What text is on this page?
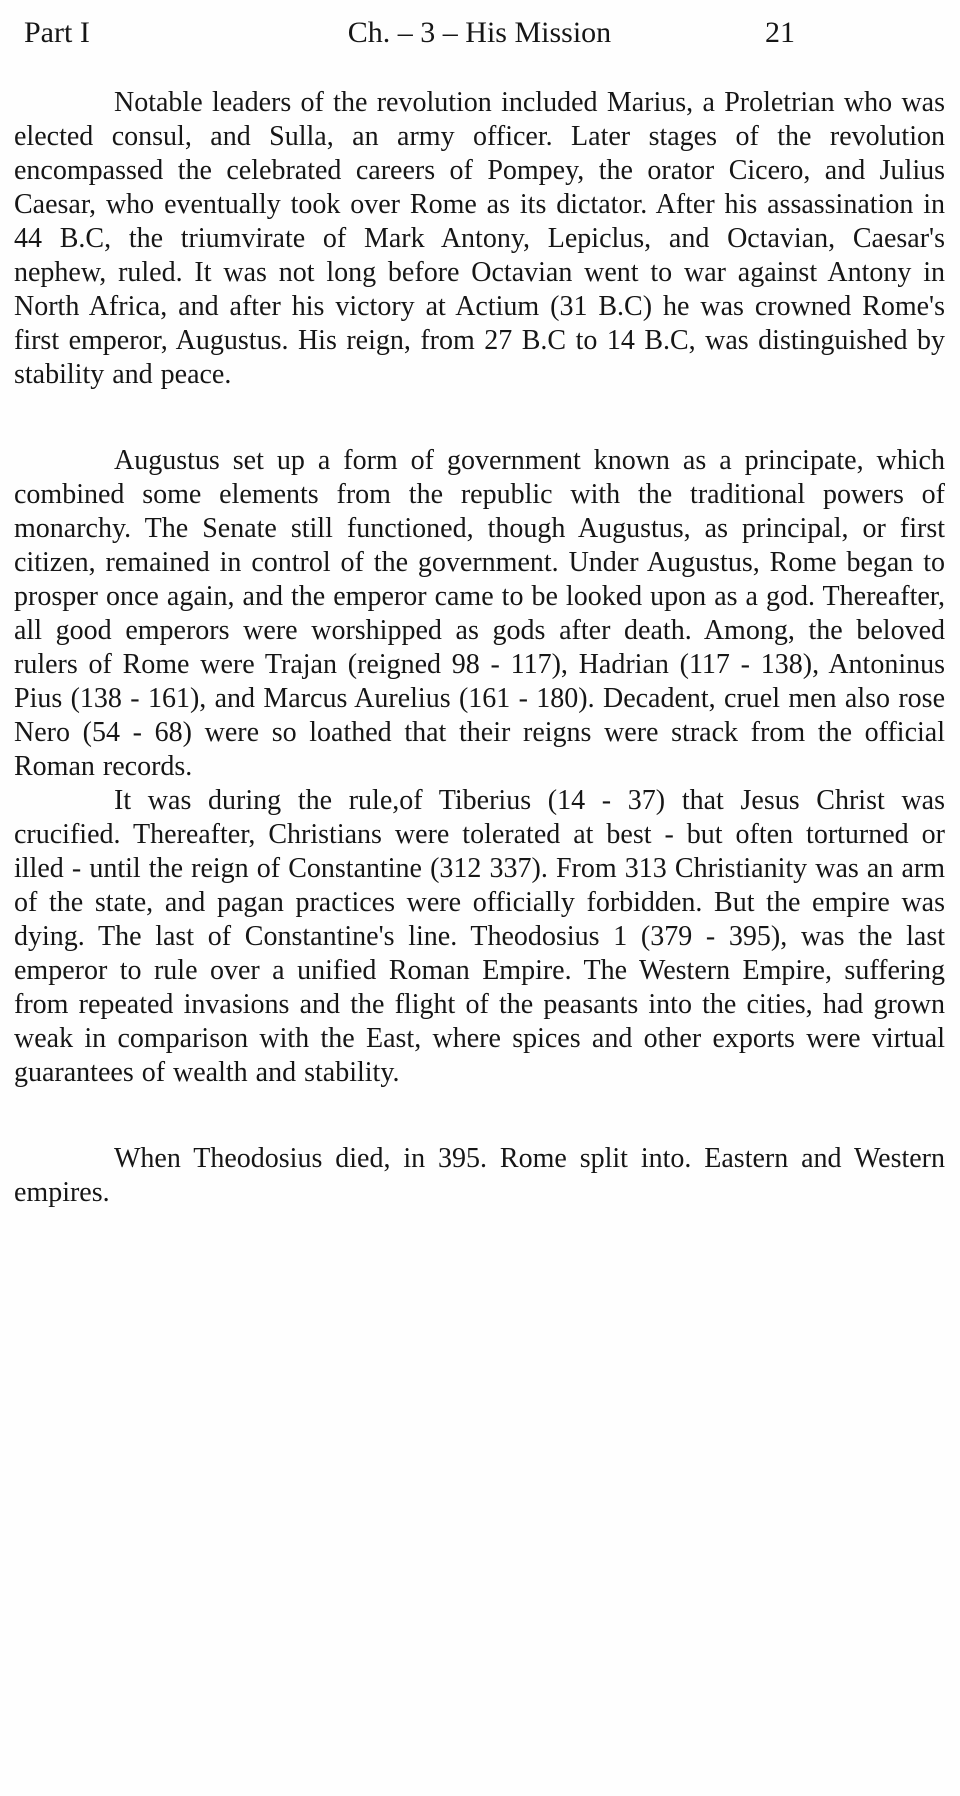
Part I	Ch. – 3 – His Mission	21

Notable leaders of the revolution included Marius, a Proletrian who was elected consul, and Sulla, an army officer. Later stages of the revolution encompassed the celebrated careers of Pompey, the orator Cicero, and Julius Caesar, who eventually took over Rome as its dictator. After his assassination in 44 B.C, the triumvirate of Mark Antony, Lepiclus, and Octavian, Caesar's nephew, ruled. It was not long before Octavian went to war against Antony in North Africa, and after his victory at Actium (31 B.C) he was crowned Rome's first emperor, Augustus. His reign, from 27 B.C to 14 B.C, was distinguished by stability and peace.

Augustus set up a form of government known as a principate, which combined some elements from the republic with the traditional powers of monarchy. The Senate still functioned, though Augustus, as principal, or first citizen, remained in control of the government. Under Augustus, Rome began to prosper once again, and the emperor came to be looked upon as a god. Thereafter, all good emperors were worshipped as gods after death. Among, the beloved rulers of Rome were Trajan (reigned 98 - 117), Hadrian (117 - 138), Antoninus Pius (138 - 161), and Marcus Aurelius (161 - 180). Decadent, cruel men also rose Nero (54 - 68) were so loathed that their reigns were strack from the official Roman records.

It was during the rule,of Tiberius (14 - 37) that Jesus Christ was crucified. Thereafter, Christians were tolerated at best - but often torturned or illed - until the reign of Constantine (312 337). From 313 Christianity was an arm of the state, and pagan practices were officially forbidden. But the empire was dying. The last of Constantine's line. Theodosius 1 (379 - 395), was the last emperor to rule over a unified Roman Empire. The Western Empire, suffering from repeated invasions and the flight of the peasants into the cities, had grown weak in comparison with the East, where spices and other exports were virtual guarantees of wealth and stability.

When Theodosius died, in 395. Rome split into. Eastern and Western empires.
